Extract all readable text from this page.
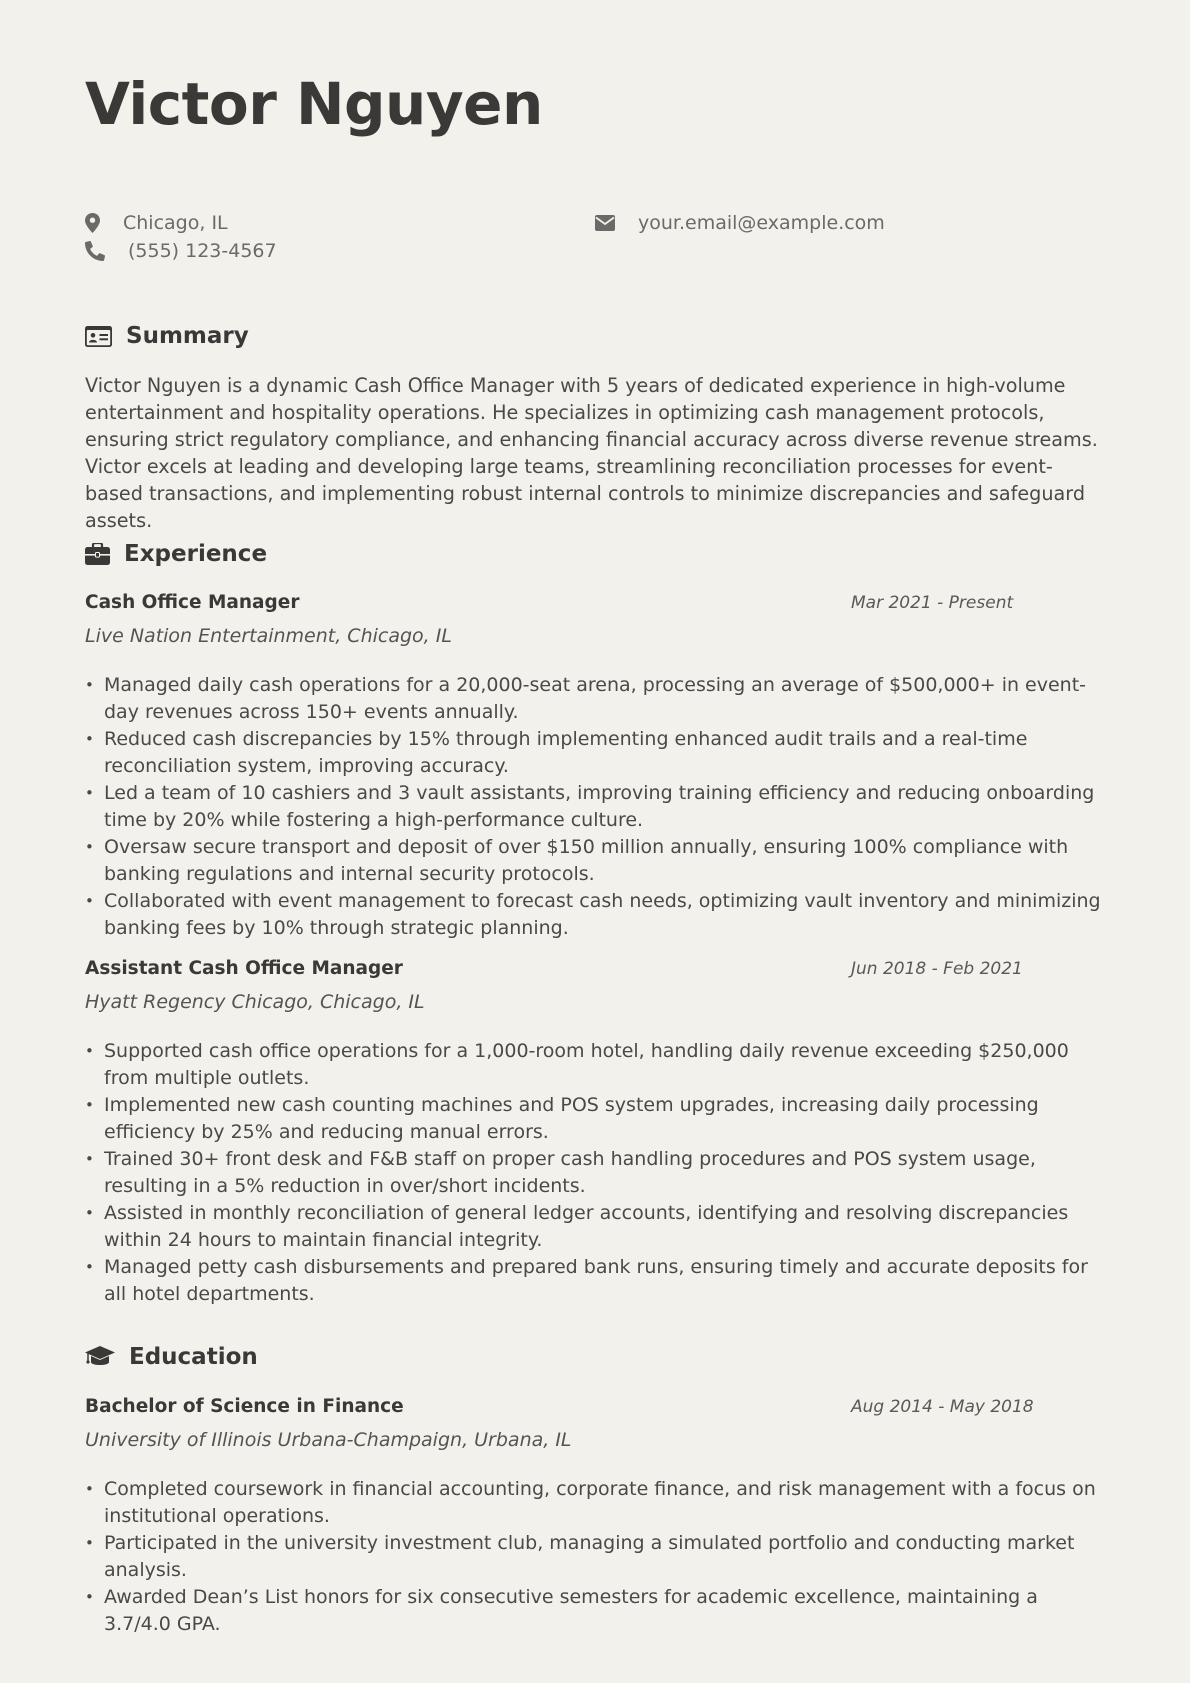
Victor Nguyen
Chicago, IL
(555) 123-4567
your.email@example.com
Summary

Victor Nguyen is a dynamic Cash Office Manager with 5 years of dedicated experience in high-volume entertainment and hospitality operations. He specializes in optimizing cash management protocols, ensuring strict regulatory compliance, and enhancing financial accuracy across diverse revenue streams. Victor excels at leading and developing large teams, streamlining reconciliation processes for event-based transactions, and implementing robust internal controls to minimize discrepancies and safeguard assets.

Experience
Cash Office Manager	Mar 2021 - Present
Live Nation Entertainment, Chicago, IL
• Managed daily cash operations for a 20,000-seat arena, processing an average of $500,000+ in event-day revenues across 150+ events annually.
• Reduced cash discrepancies by 15% through implementing enhanced audit trails and a real-time reconciliation system, improving accuracy.
• Led a team of 10 cashiers and 3 vault assistants, improving training efficiency and reducing onboarding time by 20% while fostering a high-performance culture.
• Oversaw secure transport and deposit of over $150 million annually, ensuring 100% compliance with banking regulations and internal security protocols.
• Collaborated with event management to forecast cash needs, optimizing vault inventory and minimizing banking fees by 10% through strategic planning.
Assistant Cash Office Manager	Jun 2018 - Feb 2021
Hyatt Regency Chicago, Chicago, IL
• Supported cash office operations for a 1,000-room hotel, handling daily revenue exceeding $250,000 from multiple outlets.
• Implemented new cash counting machines and POS system upgrades, increasing daily processing efficiency by 25% and reducing manual errors.
• Trained 30+ front desk and F&B staff on proper cash handling procedures and POS system usage, resulting in a 5% reduction in over/short incidents.
• Assisted in monthly reconciliation of general ledger accounts, identifying and resolving discrepancies within 24 hours to maintain financial integrity.
• Managed petty cash disbursements and prepared bank runs, ensuring timely and accurate deposits for all hotel departments.
Education
Bachelor of Science in Finance	Aug 2014 - May 2018
University of Illinois Urbana-Champaign, Urbana, IL
• Completed coursework in financial accounting, corporate finance, and risk management with a focus on institutional operations.
• Participated in the university investment club, managing a simulated portfolio and conducting market analysis.
• Awarded Dean’s List honors for six consecutive semesters for academic excellence, maintaining a 3.7/4.0 GPA.
